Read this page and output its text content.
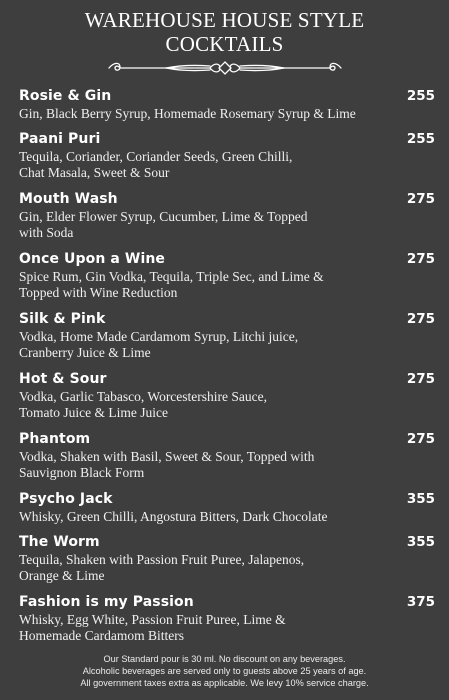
WAREHOUSE HOUSE STYLE
COCKTAILS
Rosie & Gin	255
Gin, Black Berry Syrup, Homemade Rosemary Syrup & Lime
Paani Puri	255
Tequila, Coriander, Coriander Seeds, Green Chilli,
Chat Masala, Sweet & Sour
Mouth Wash	275
Gin, Elder Flower Syrup, Cucumber, Lime & Topped
with Soda
Once Upon a Wine	275
Spice Rum, Gin Vodka, Tequila, Triple Sec, and Lime &
Topped with Wine Reduction
Silk & Pink	275
Vodka, Home Made Cardamom Syrup, Litchi juice,
Cranberry Juice & Lime
Hot & Sour	275
Vodka, Garlic Tabasco, Worcestershire Sauce,
Tomato Juice & Lime Juice
Phantom	275
Vodka, Shaken with Basil, Sweet & Sour, Topped with
Sauvignon Black Form
Psycho Jack	355
Whisky, Green Chilli, Angostura Bitters, Dark Chocolate
The Worm	355
Tequila, Shaken with Passion Fruit Puree, Jalapenos,
Orange & Lime
Fashion is my Passion	375
Whisky, Egg White, Passion Fruit Puree, Lime &
Homemade Cardamom Bitters
Our Standard pour is 30 ml. No discount on any beverages.
Alcoholic beverages are served only to guests above 25 years of age.
All government taxes extra as applicable. We levy 10% service charge.
